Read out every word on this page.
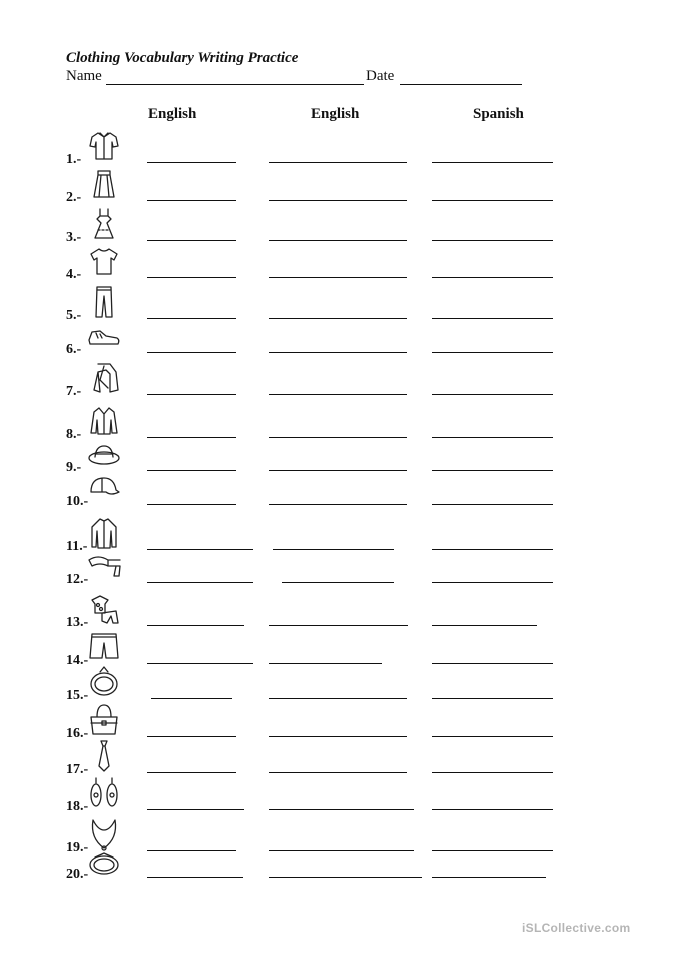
Clothing Vocabulary Writing Practice
Name	Date
English	English	Spanish
1.-
2.-
3.-
4.-
5.-
6.-
7.-
8.-
9.-
10.-
11.-
12.-
13.-
14.-
15.-
16.-
17.-
18.-
19.-
20.-
iSLCollective.com
